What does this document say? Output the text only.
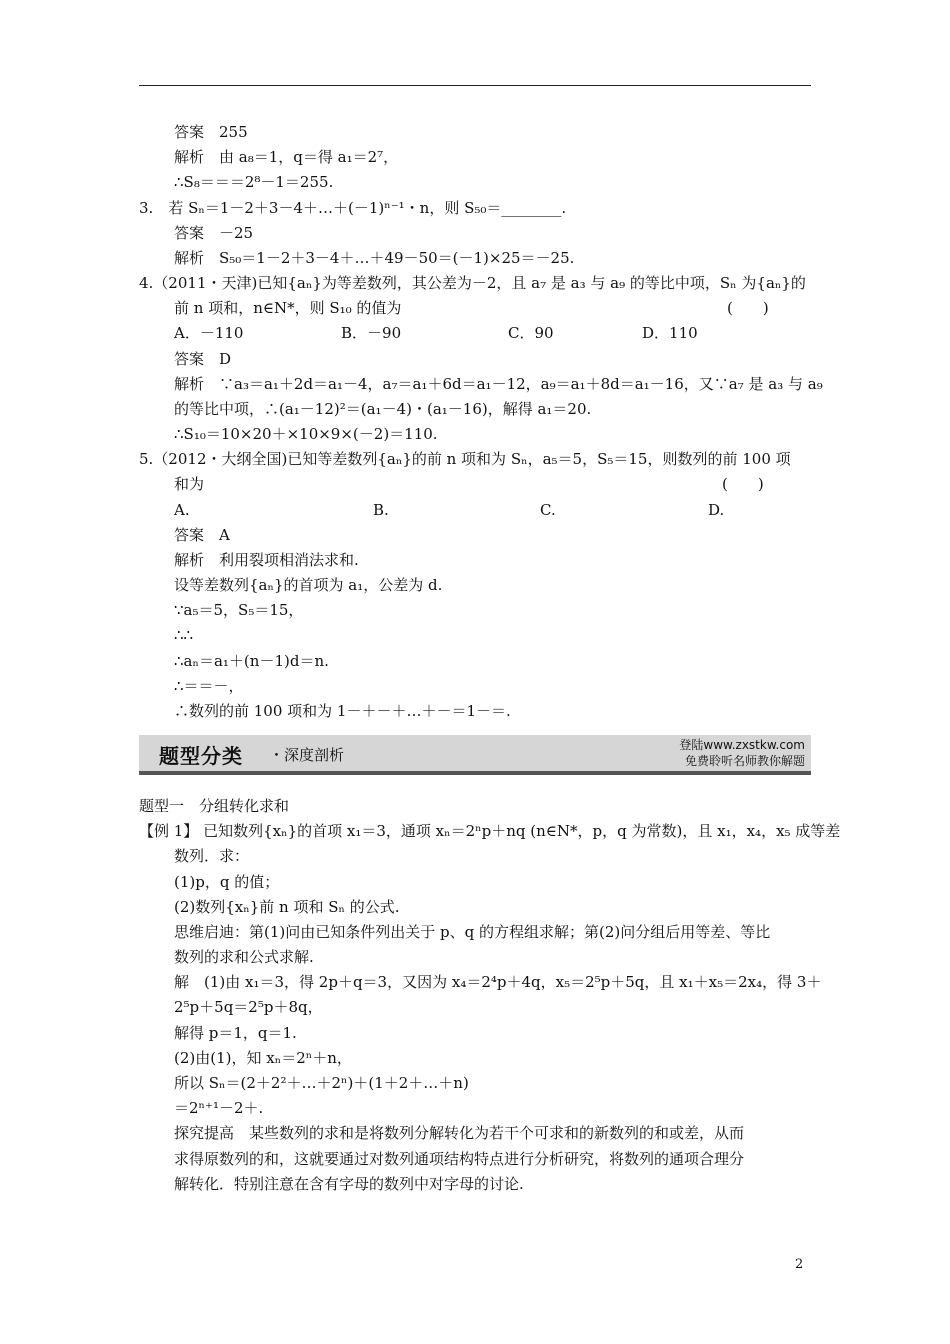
答案　255
解析　由 a₈＝1，q＝得 a₁＝2⁷，
∴S₈＝＝＝2⁸－1＝255.
3.　若 Sₙ＝1－2＋3－4＋…＋(－1)ⁿ⁻¹・n，则 S₅₀＝________.
答案　－25
解析　S₅₀＝1－2＋3－4＋…＋49－50＝(－1)×25＝－25.
4.（2011・天津)已知{aₙ}为等差数列，其公差为－2，且 a₇ 是 a₃ 与 a₉ 的等比中项，Sₙ 为{aₙ}的
前 n 项和，n∈N*，则 S₁₀ 的值为	(　　)
A．－110	B．－90	C．90	D．110
答案　D
解析　∵a₃＝a₁＋2d＝a₁－4，a₇＝a₁＋6d＝a₁－12，a₉＝a₁＋8d＝a₁－16，又∵a₇ 是 a₃ 与 a₉
的等比中项，∴(a₁－12)²＝(a₁－4)・(a₁－16)，解得 a₁＝20.
∴S₁₀＝10×20＋×10×9×(－2)＝110.
5.（2012・大纲全国)已知等差数列{aₙ}的前 n 项和为 Sₙ，a₅＝5，S₅＝15，则数列的前 100 项
和为	(　　)
A.	B.	C.	D.
答案　A
解析　利用裂项相消法求和.
设等差数列{aₙ}的首项为 a₁，公差为 d.
∵a₅＝5，S₅＝15，
∴∴
∴aₙ＝a₁＋(n－1)d＝n.
∴＝＝－，
∴数列的前 100 项和为 1－＋－＋…＋－＝1－＝.
题型分类 ・深度剖析
登陆www.zxstkw.com
免费聆听名师教你解题
题型一　分组转化求和
【例 1】 已知数列{xₙ}的首项 x₁＝3，通项 xₙ＝2ⁿp＋nq (n∈N*，p，q 为常数)，且 x₁，x₄，x₅ 成等差
数列．求：
(1)p，q 的值；
(2)数列{xₙ}前 n 项和 Sₙ 的公式.
思维启迪：第(1)问由已知条件列出关于 p、q 的方程组求解；第(2)问分组后用等差、等比
数列的求和公式求解.
解　(1)由 x₁＝3，得 2p＋q＝3，又因为 x₄＝2⁴p＋4q，x₅＝2⁵p＋5q，且 x₁＋x₅＝2x₄，得 3＋
2⁵p＋5q＝2⁵p＋8q，
解得 p＝1，q＝1.
(2)由(1)，知 xₙ＝2ⁿ＋n，
所以 Sₙ＝(2＋2²＋…＋2ⁿ)＋(1＋2＋…＋n)
＝2ⁿ⁺¹－2＋.
探究提高　某些数列的求和是将数列分解转化为若干个可求和的新数列的和或差，从而
求得原数列的和，这就要通过对数列通项结构特点进行分析研究，将数列的通项合理分
解转化．特别注意在含有字母的数列中对字母的讨论.
2
